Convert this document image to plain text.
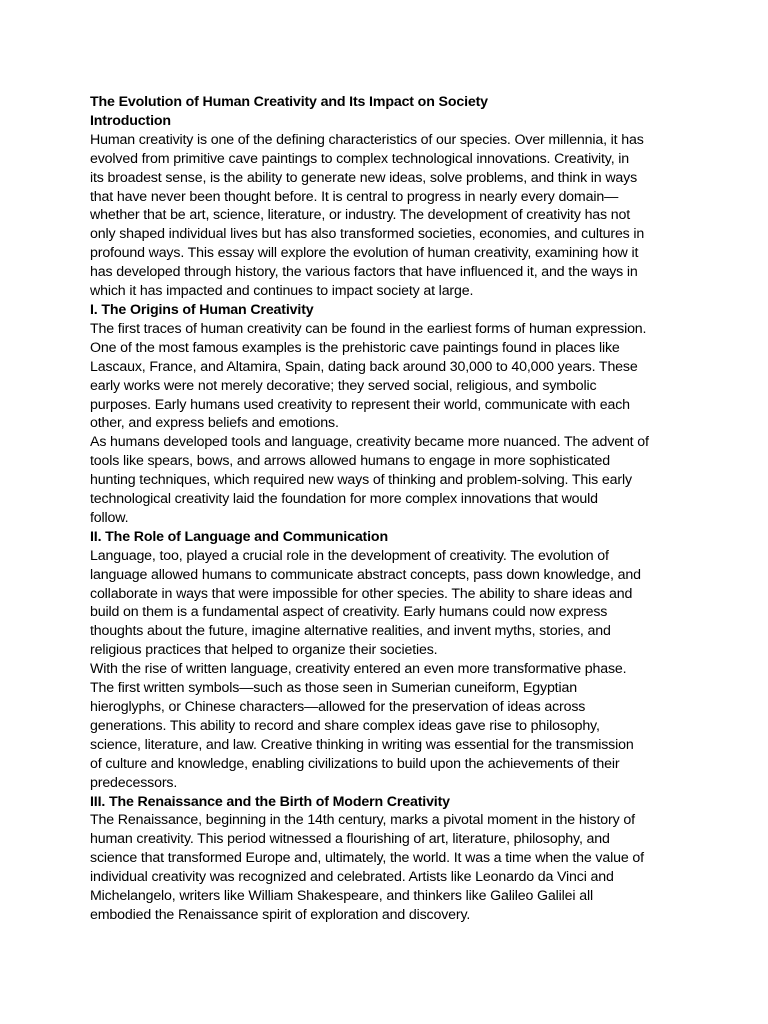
The Evolution of Human Creativity and Its Impact on Society
Introduction
Human creativity is one of the defining characteristics of our species. Over millennia, it has
evolved from primitive cave paintings to complex technological innovations. Creativity, in
its broadest sense, is the ability to generate new ideas, solve problems, and think in ways
that have never been thought before. It is central to progress in nearly every domain—
whether that be art, science, literature, or industry. The development of creativity has not
only shaped individual lives but has also transformed societies, economies, and cultures in
profound ways. This essay will explore the evolution of human creativity, examining how it
has developed through history, the various factors that have influenced it, and the ways in
which it has impacted and continues to impact society at large.
I. The Origins of Human Creativity
The first traces of human creativity can be found in the earliest forms of human expression.
One of the most famous examples is the prehistoric cave paintings found in places like
Lascaux, France, and Altamira, Spain, dating back around 30,000 to 40,000 years. These
early works were not merely decorative; they served social, religious, and symbolic
purposes. Early humans used creativity to represent their world, communicate with each
other, and express beliefs and emotions.
As humans developed tools and language, creativity became more nuanced. The advent of
tools like spears, bows, and arrows allowed humans to engage in more sophisticated
hunting techniques, which required new ways of thinking and problem-solving. This early
technological creativity laid the foundation for more complex innovations that would
follow.
II. The Role of Language and Communication
Language, too, played a crucial role in the development of creativity. The evolution of
language allowed humans to communicate abstract concepts, pass down knowledge, and
collaborate in ways that were impossible for other species. The ability to share ideas and
build on them is a fundamental aspect of creativity. Early humans could now express
thoughts about the future, imagine alternative realities, and invent myths, stories, and
religious practices that helped to organize their societies.
With the rise of written language, creativity entered an even more transformative phase.
The first written symbols—such as those seen in Sumerian cuneiform, Egyptian
hieroglyphs, or Chinese characters—allowed for the preservation of ideas across
generations. This ability to record and share complex ideas gave rise to philosophy,
science, literature, and law. Creative thinking in writing was essential for the transmission
of culture and knowledge, enabling civilizations to build upon the achievements of their
predecessors.
III. The Renaissance and the Birth of Modern Creativity
The Renaissance, beginning in the 14th century, marks a pivotal moment in the history of
human creativity. This period witnessed a flourishing of art, literature, philosophy, and
science that transformed Europe and, ultimately, the world. It was a time when the value of
individual creativity was recognized and celebrated. Artists like Leonardo da Vinci and
Michelangelo, writers like William Shakespeare, and thinkers like Galileo Galilei all
embodied the Renaissance spirit of exploration and discovery.
